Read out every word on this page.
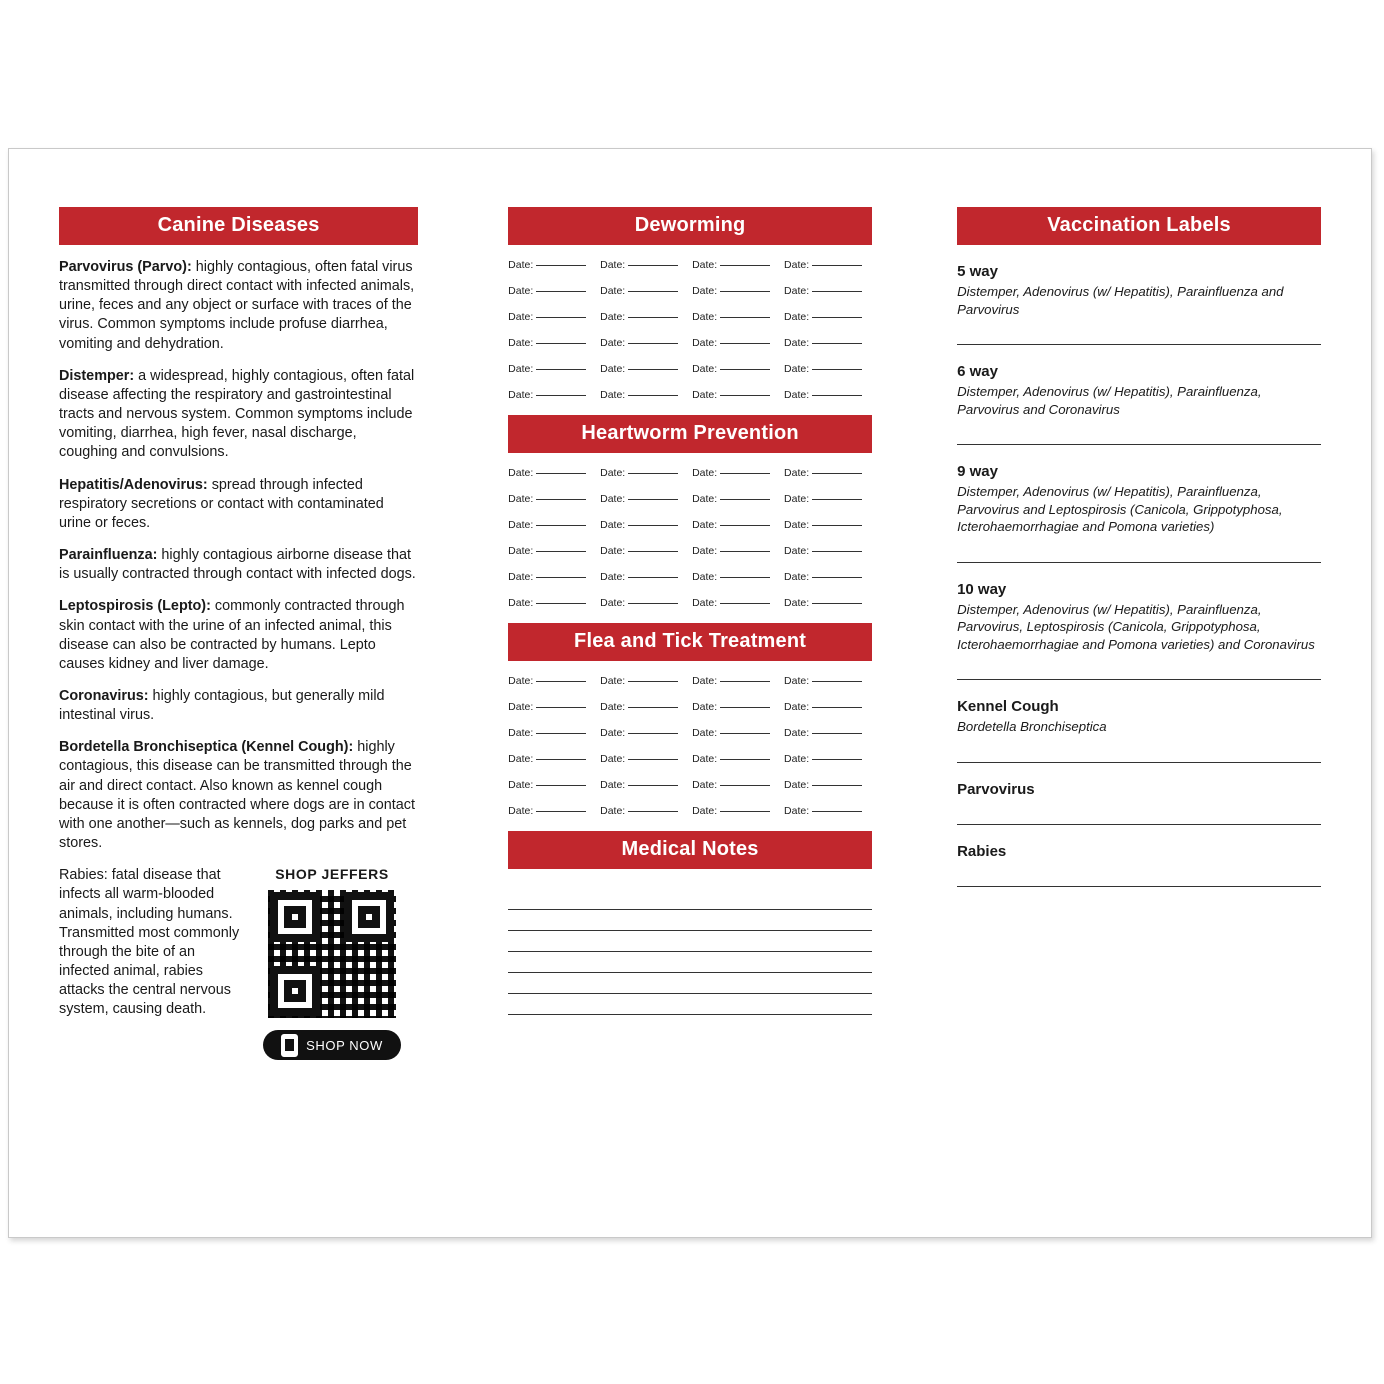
Canine Diseases
Parvovirus (Parvo): highly contagious, often fatal virus transmitted through direct contact with infected animals, urine, feces and any object or surface with traces of the virus. Common symptoms include profuse diarrhea, vomiting and dehydration.
Distemper: a widespread, highly contagious, often fatal disease affecting the respiratory and gastrointestinal tracts and nervous system. Common symptoms include vomiting, diarrhea, high fever, nasal discharge, coughing and convulsions.
Hepatitis/Adenovirus: spread through infected respiratory secretions or contact with contaminated urine or feces.
Parainfluenza: highly contagious airborne disease that is usually contracted through contact with infected dogs.
Leptospirosis (Lepto): commonly contracted through skin contact with the urine of an infected animal, this disease can also be contracted by humans. Lepto causes kidney and liver damage.
Coronavirus: highly contagious, but generally mild intestinal virus.
Bordetella Bronchiseptica (Kennel Cough): highly contagious, this disease can be transmitted through the air and direct contact. Also known as kennel cough because it is often contracted where dogs are in contact with one another—such as kennels, dog parks and pet stores.
Rabies: fatal disease that infects all warm-blooded animals, including humans. Transmitted most commonly through the bite of an infected animal, rabies attacks the central nervous system, causing death.
SHOP JEFFERS
SHOP NOW
Deworming
Date:	Date:	Date:	Date:
Date:	Date:	Date:	Date:
Date:	Date:	Date:	Date:
Date:	Date:	Date:	Date:
Date:	Date:	Date:	Date:
Date:	Date:	Date:	Date:
Heartworm Prevention
Date:	Date:	Date:	Date:
Date:	Date:	Date:	Date:
Date:	Date:	Date:	Date:
Date:	Date:	Date:	Date:
Date:	Date:	Date:	Date:
Date:	Date:	Date:	Date:
Flea and Tick Treatment
Date:	Date:	Date:	Date:
Date:	Date:	Date:	Date:
Date:	Date:	Date:	Date:
Date:	Date:	Date:	Date:
Date:	Date:	Date:	Date:
Date:	Date:	Date:	Date:
Medical Notes
Vaccination Labels
5 way
Distemper, Adenovirus (w/ Hepatitis), Parainfluenza and Parvovirus
6 way
Distemper, Adenovirus (w/ Hepatitis), Parainfluenza, Parvovirus and Coronavirus
9 way
Distemper, Adenovirus (w/ Hepatitis), Parainfluenza, Parvovirus and Leptospirosis (Canicola, Grippotyphosa, Icterohaemorrhagiae and Pomona varieties)
10 way
Distemper, Adenovirus (w/ Hepatitis), Parainfluenza, Parvovirus, Leptospirosis (Canicola, Grippotyphosa, Icterohaemorrhagiae and Pomona varieties) and Coronavirus
Kennel Cough
Bordetella Bronchiseptica
Parvovirus
Rabies
